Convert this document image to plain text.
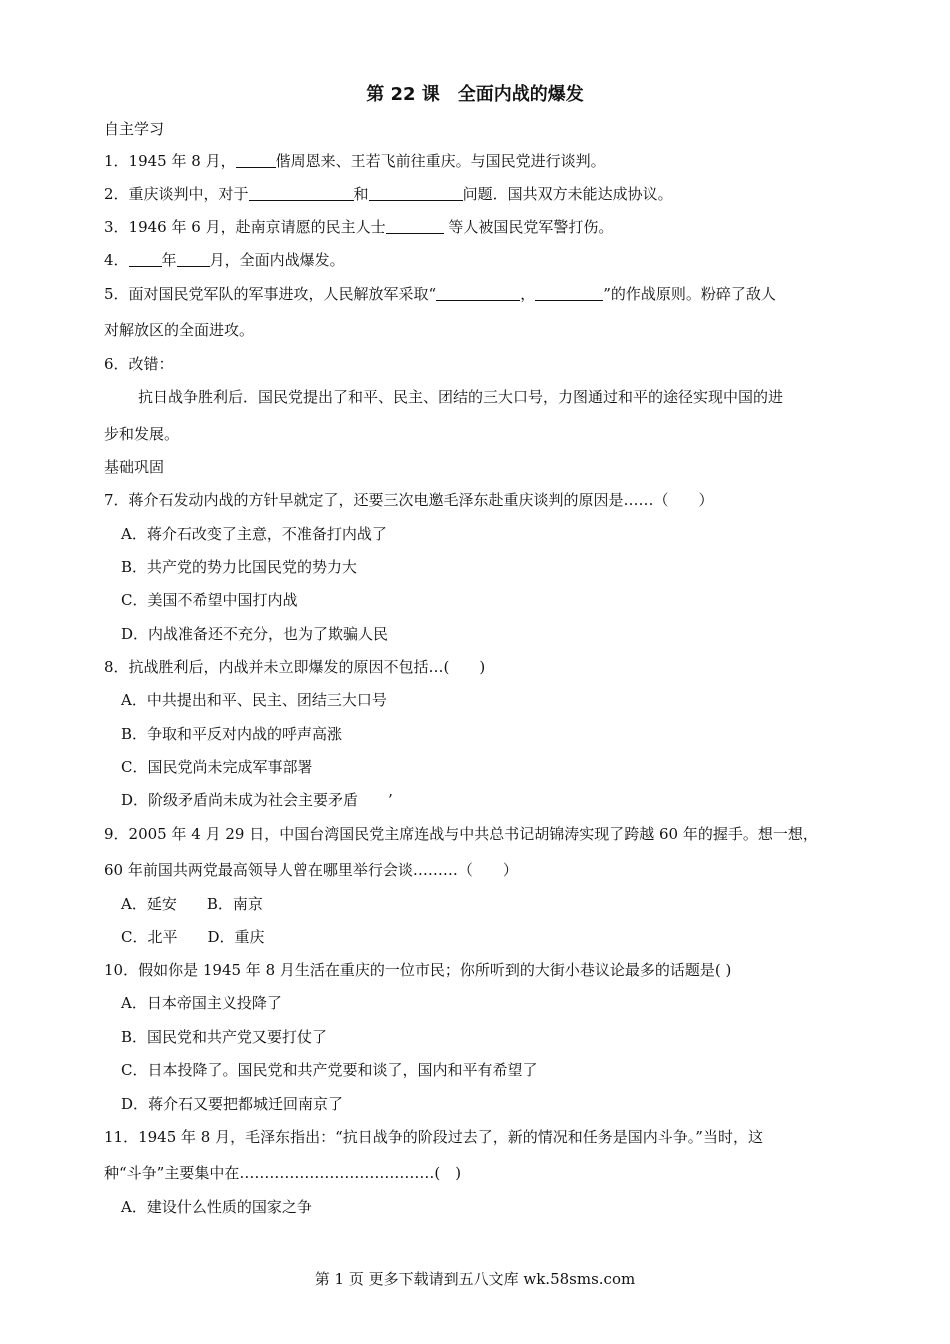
第 22 课　全面内战的爆发
自主学习
1．1945 年 8 月，	偕周恩来、王若飞前往重庆。与国民党进行谈判。
2．重庆谈判中，对于	和	问题．国共双方未能达成协议。
3．1946 年 6 月，赴南京请愿的民主人士	等人被国民党军警打伤。
4． 年 月，全面内战爆发。
5．面对国民党军队的军事进攻，人民解放军采取“	，	”的作战原则。粉碎了敌人
对解放区的全面进攻。
6．改错：
抗日战争胜利后．国民党提出了和平、民主、团结的三大口号，力图通过和平的途径实现中国的进
步和发展。
基础巩固
7．蒋介石发动内战的方针早就定了，还要三次电邀毛泽东赴重庆谈判的原因是……（　　）
A．蒋介石改变了主意，不准备打内战了
B．共产党的势力比国民党的势力大
C．美国不希望中国打内战
D．内战准备还不充分，也为了欺骗人民
8．抗战胜利后，内战并未立即爆发的原因不包括…(　　)
A．中共提出和平、民主、团结三大口号
B．争取和平反对内战的呼声高涨
C．国民党尚未完成军事部署
D．阶级矛盾尚未成为社会主要矛盾　　’
9．2005 年 4 月 29 日，中国台湾国民党主席连战与中共总书记胡锦涛实现了跨越 60 年的握手。想一想，
60 年前国共两党最高领导人曾在哪里举行会谈………（　　）
A．延安　　B．南京
C．北平　　D．重庆
10．假如你是 1945 年 8 月生活在重庆的一位市民；你所听到的大街小巷议论最多的话题是( )
A．日本帝国主义投降了
B．国民党和共产党又要打仗了
C．日本投降了。国民党和共产党要和谈了，国内和平有希望了
D．蒋介石又要把都城迁回南京了
11．1945 年 8 月，毛泽东指出：“抗日战争的阶段过去了，新的情况和任务是国内斗争。”当时，这
种“斗争”主要集中在…………………………………(　)
A．建设什么性质的国家之争
第 1 页 更多下载请到五八文库 wk.58sms.com
